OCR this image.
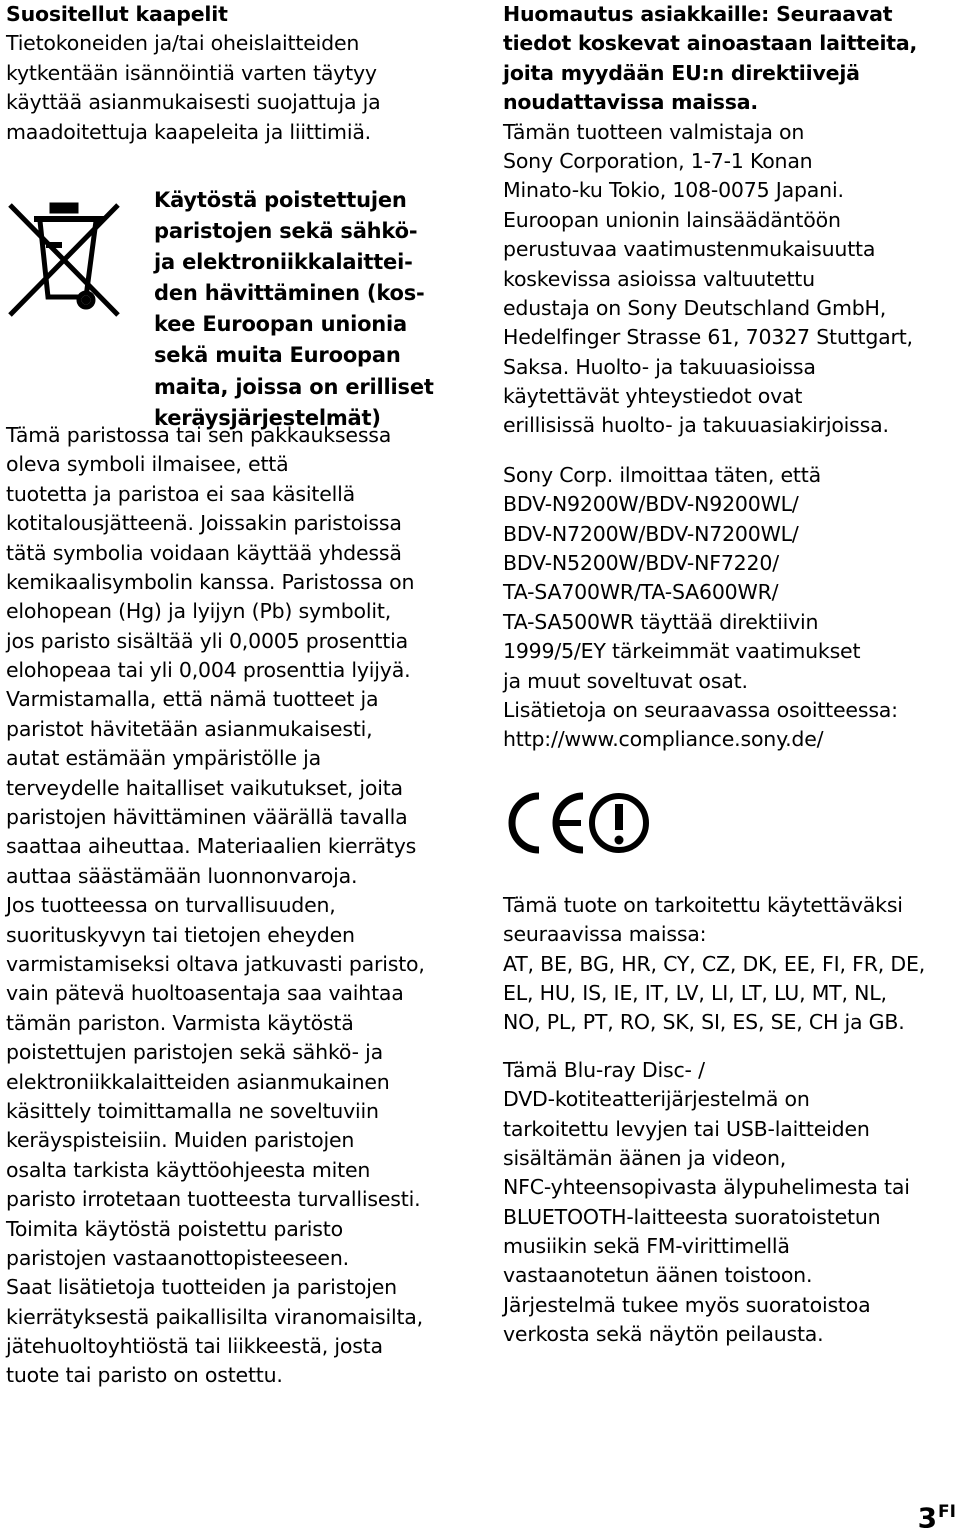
Suositellut kaapelit
Tietokoneiden ja/tai oheislaitteiden
kytkentään isännöintiä varten täytyy
käyttää asianmukaisesti suojattuja ja
maadoitettuja kaapeleita ja liittimiä.
Käytöstä poistettujen
paristojen sekä sähkö-
ja elektroniikkalaittei-
den hävittäminen (kos-
kee Euroopan unionia
sekä muita Euroopan
maita, joissa on erilliset
keräysjärjestelmät)
Tämä paristossa tai sen pakkauksessa
oleva symboli ilmaisee, että
tuotetta ja paristoa ei saa käsitellä
kotitalousjätteenä. Joissakin paristoissa
tätä symbolia voidaan käyttää yhdessä
kemikaalisymbolin kanssa. Paristossa on
elohopean (Hg) ja lyijyn (Pb) symbolit,
jos paristo sisältää yli 0,0005 prosenttia
elohopeaa tai yli 0,004 prosenttia lyijyä.
Varmistamalla, että nämä tuotteet ja
paristot hävitetään asianmukaisesti,
autat estämään ympäristölle ja
terveydelle haitalliset vaikutukset, joita
paristojen hävittäminen väärällä tavalla
saattaa aiheuttaa. Materiaalien kierrätys
auttaa säästämään luonnonvaroja.
Jos tuotteessa on turvallisuuden,
suorituskyvyn tai tietojen eheyden
varmistamiseksi oltava jatkuvasti paristo,
vain pätevä huoltoasentaja saa vaihtaa
tämän pariston. Varmista käytöstä
poistettujen paristojen sekä sähkö- ja
elektroniikkalaitteiden asianmukainen
käsittely toimittamalla ne soveltuviin
keräyspisteisiin. Muiden paristojen
osalta tarkista käyttöohjeesta miten
paristo irrotetaan tuotteesta turvallisesti.
Toimita käytöstä poistettu paristo
paristojen vastaanottopisteeseen.
Saat lisätietoja tuotteiden ja paristojen
kierrätyksestä paikallisilta viranomaisilta,
jätehuoltoyhtiöstä tai liikkeestä, josta
tuote tai paristo on ostettu.
Huomautus asiakkaille: Seuraavat
tiedot koskevat ainoastaan laitteita,
joita myydään EU:n direktiivejä
noudattavissa maissa.
Tämän tuotteen valmistaja on
Sony Corporation, 1-7-1 Konan
Minato-ku Tokio, 108-0075 Japani.
Euroopan unionin lainsäädäntöön
perustuvaa vaatimustenmukaisuutta
koskevissa asioissa valtuutettu
edustaja on Sony Deutschland GmbH,
Hedelfinger Strasse 61, 70327 Stuttgart,
Saksa. Huolto- ja takuuasioissa
käytettävät yhteystiedot ovat
erillisissä huolto- ja takuuasiakirjoissa.
Sony Corp. ilmoittaa täten, että
BDV-N9200W/BDV-N9200WL/
BDV-N7200W/BDV-N7200WL/
BDV-N5200W/BDV-NF7220/
TA-SA700WR/TA-SA600WR/
TA-SA500WR täyttää direktiivin
1999/5/EY tärkeimmät vaatimukset
ja muut soveltuvat osat.
Lisätietoja on seuraavassa osoitteessa:
http://www.compliance.sony.de/
Tämä tuote on tarkoitettu käytettäväksi
seuraavissa maissa:
AT, BE, BG, HR, CY, CZ, DK, EE, FI, FR, DE,
EL, HU, IS, IE, IT, LV, LI, LT, LU, MT, NL,
NO, PL, PT, RO, SK, SI, ES, SE, CH ja GB.
Tämä Blu-ray Disc- /
DVD-kotiteatterijärjestelmä on
tarkoitettu levyjen tai USB-laitteiden
sisältämän äänen ja videon,
NFC-yhteensopivasta älypuhelimesta tai
BLUETOOTH-laitteesta suoratoistetun
musiikin sekä FM-virittimellä
vastaanotetun äänen toistoon.
Järjestelmä tukee myös suoratoistoa
verkosta sekä näytön peilausta.
$3^{FI}$
